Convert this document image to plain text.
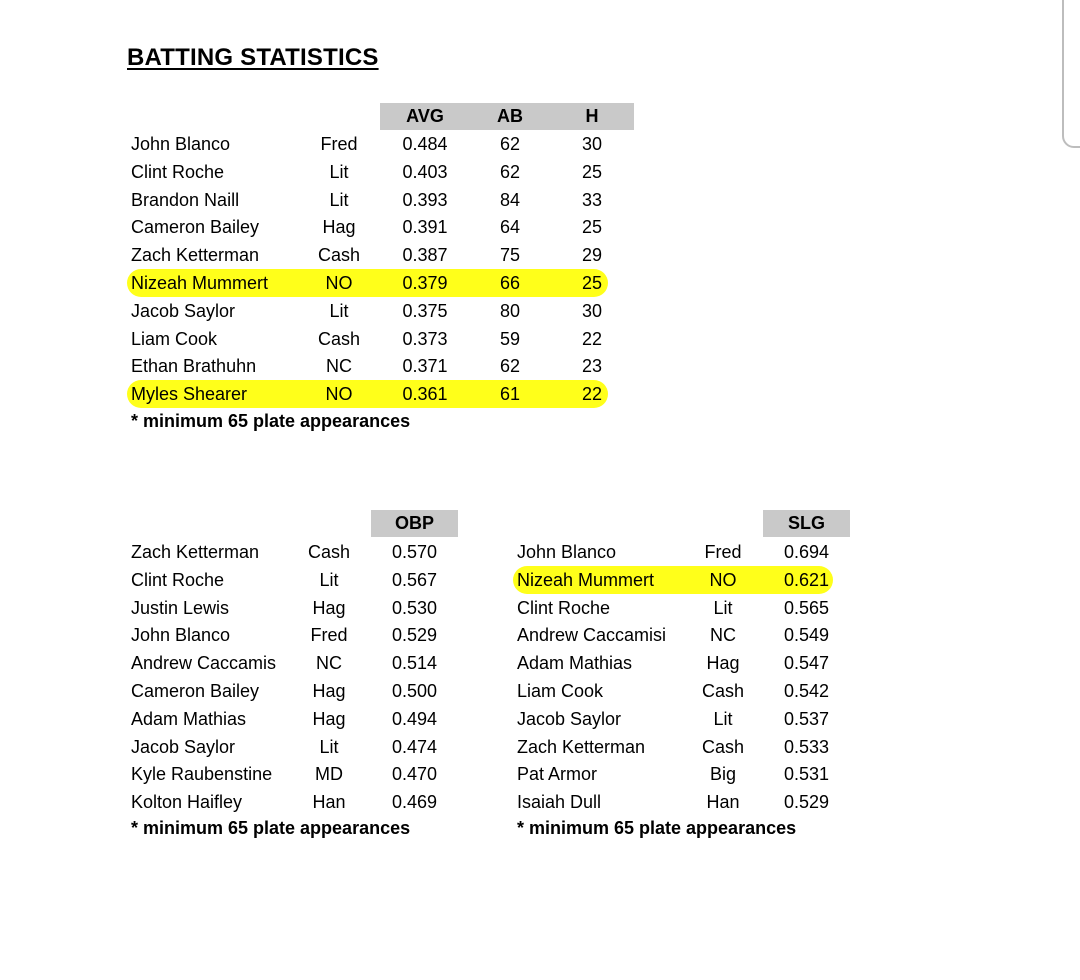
BATTING STATISTICS
AVG	AB	H
John Blanco	Fred	0.484	62	30
Clint Roche	Lit	0.403	62	25
Brandon Naill	Lit	0.393	84	33
Cameron Bailey	Hag	0.391	64	25
Zach Ketterman	Cash	0.387	75	29
Nizeah Mummert	NO	0.379	66	25
Jacob Saylor	Lit	0.375	80	30
Liam Cook	Cash	0.373	59	22
Ethan Brathuhn	NC	0.371	62	23
Myles Shearer	NO	0.361	61	22
* minimum 65 plate appearances
OBP
Zach Ketterman	Cash	0.570
Clint Roche	Lit	0.567
Justin Lewis	Hag	0.530
John Blanco	Fred	0.529
Andrew Caccamis	NC	0.514
Cameron Bailey	Hag	0.500
Adam Mathias	Hag	0.494
Jacob Saylor	Lit	0.474
Kyle Raubenstine	MD	0.470
Kolton Haifley	Han	0.469
* minimum 65 plate appearances
SLG
John Blanco	Fred	0.694
Nizeah Mummert	NO	0.621
Clint Roche	Lit	0.565
Andrew Caccamisi	NC	0.549
Adam Mathias	Hag	0.547
Liam Cook	Cash	0.542
Jacob Saylor	Lit	0.537
Zach Ketterman	Cash	0.533
Pat Armor	Big	0.531
Isaiah Dull	Han	0.529
* minimum 65 plate appearances
